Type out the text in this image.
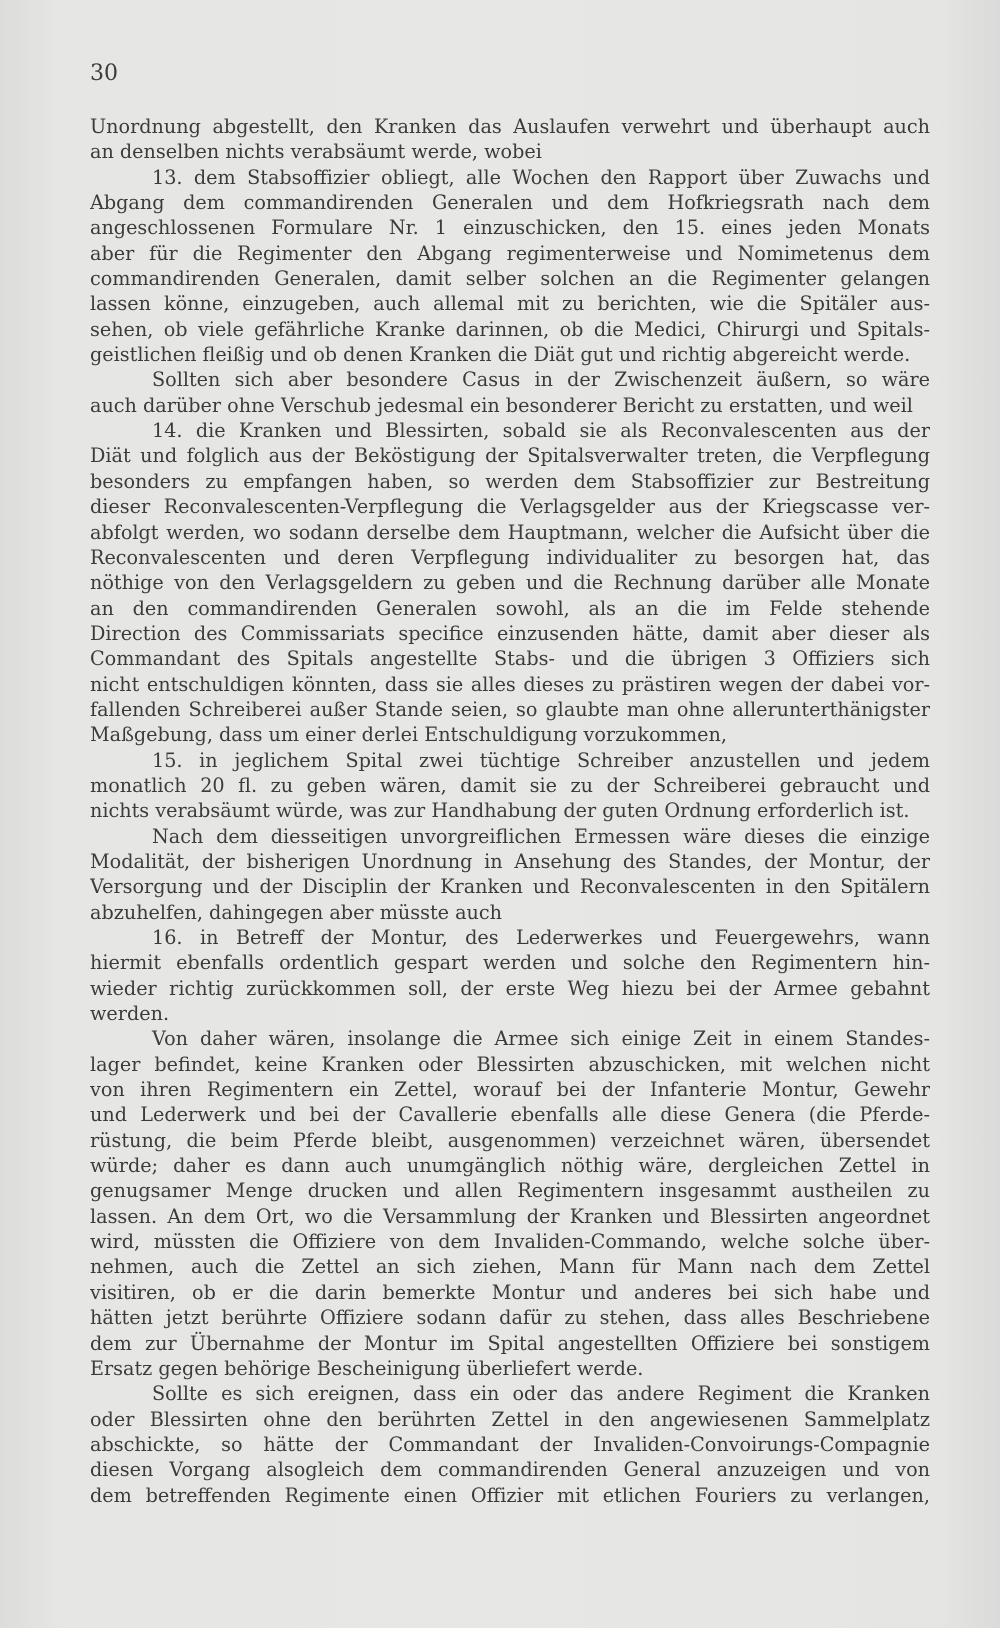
30
Unordnung abgestellt, den Kranken das Auslaufen verwehrt und überhaupt auch
an denselben nichts verabsäumt werde, wobei
13. dem Stabsoffizier obliegt, alle Wochen den Rapport über Zuwachs und
Abgang dem commandirenden Generalen und dem Hofkriegsrath nach dem
angeschlossenen Formulare Nr. 1 einzuschicken, den 15. eines jeden Monats
aber für die Regimenter den Abgang regimenterweise und Nomimetenus dem
commandirenden Generalen, damit selber solchen an die Regimenter gelangen
lassen könne, einzugeben, auch allemal mit zu berichten, wie die Spitäler aus-
sehen, ob viele gefährliche Kranke darinnen, ob die Medici, Chirurgi und Spitals-
geistlichen fleißig und ob denen Kranken die Diät gut und richtig abgereicht werde.
Sollten sich aber besondere Casus in der Zwischenzeit äußern, so wäre
auch darüber ohne Verschub jedesmal ein besonderer Bericht zu erstatten, und weil
14. die Kranken und Blessirten, sobald sie als Reconvalescenten aus der
Diät und folglich aus der Beköstigung der Spitalsverwalter treten, die Verpflegung
besonders zu empfangen haben, so werden dem Stabsoffizier zur Bestreitung
dieser Reconvalescenten-Verpflegung die Verlagsgelder aus der Kriegscasse ver-
abfolgt werden, wo sodann derselbe dem Hauptmann, welcher die Aufsicht über die
Reconvalescenten und deren Verpflegung individualiter zu besorgen hat, das
nöthige von den Verlagsgeldern zu geben und die Rechnung darüber alle Monate
an den commandirenden Generalen sowohl, als an die im Felde stehende
Direction des Commissariats specifice einzusenden hätte, damit aber dieser als
Commandant des Spitals angestellte Stabs- und die übrigen 3 Offiziers sich
nicht entschuldigen könnten, dass sie alles dieses zu prästiren wegen der dabei vor-
fallenden Schreiberei außer Stande seien, so glaubte man ohne allerunterthänigster
Maßgebung, dass um einer derlei Entschuldigung vorzukommen,
15. in jeglichem Spital zwei tüchtige Schreiber anzustellen und jedem
monatlich 20 fl. zu geben wären, damit sie zu der Schreiberei gebraucht und
nichts verabsäumt würde, was zur Handhabung der guten Ordnung erforderlich ist.
Nach dem diesseitigen unvorgreiflichen Ermessen wäre dieses die einzige
Modalität, der bisherigen Unordnung in Ansehung des Standes, der Montur, der
Versorgung und der Disciplin der Kranken und Reconvalescenten in den Spitälern
abzuhelfen, dahingegen aber müsste auch
16. in Betreff der Montur, des Lederwerkes und Feuergewehrs, wann
hiermit ebenfalls ordentlich gespart werden und solche den Regimentern hin-
wieder richtig zurückkommen soll, der erste Weg hiezu bei der Armee gebahnt
werden.
Von daher wären, insolange die Armee sich einige Zeit in einem Standes-
lager befindet, keine Kranken oder Blessirten abzuschicken, mit welchen nicht
von ihren Regimentern ein Zettel, worauf bei der Infanterie Montur, Gewehr
und Lederwerk und bei der Cavallerie ebenfalls alle diese Genera (die Pferde-
rüstung, die beim Pferde bleibt, ausgenommen) verzeichnet wären, übersendet
würde; daher es dann auch unumgänglich nöthig wäre, dergleichen Zettel in
genugsamer Menge drucken und allen Regimentern insgesammt austheilen zu
lassen. An dem Ort, wo die Versammlung der Kranken und Blessirten angeordnet
wird, müssten die Offiziere von dem Invaliden-Commando, welche solche über-
nehmen, auch die Zettel an sich ziehen, Mann für Mann nach dem Zettel
visitiren, ob er die darin bemerkte Montur und anderes bei sich habe und
hätten jetzt berührte Offiziere sodann dafür zu stehen, dass alles Beschriebene
dem zur Übernahme der Montur im Spital angestellten Offiziere bei sonstigem
Ersatz gegen behörige Bescheinigung überliefert werde.
Sollte es sich ereignen, dass ein oder das andere Regiment die Kranken
oder Blessirten ohne den berührten Zettel in den angewiesenen Sammelplatz
abschickte, so hätte der Commandant der Invaliden-Convoirungs-Compagnie
diesen Vorgang alsogleich dem commandirenden General anzuzeigen und von
dem betreffenden Regimente einen Offizier mit etlichen Fouriers zu verlangen,
